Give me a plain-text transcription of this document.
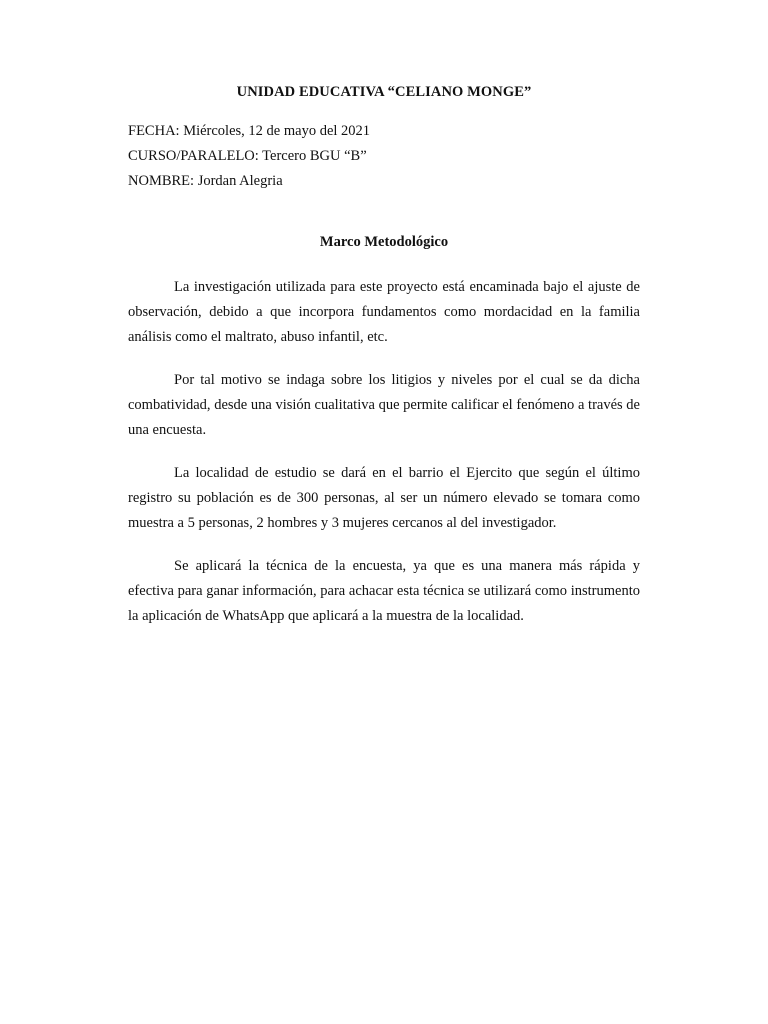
UNIDAD EDUCATIVA “CELIANO MONGE”
FECHA: Miércoles, 12 de mayo del 2021
CURSO/PARALELO: Tercero BGU “B”
NOMBRE: Jordan Alegria
Marco Metodológico

La investigación utilizada para este proyecto está encaminada bajo el ajuste de observación, debido a que incorpora fundamentos como mordacidad en la familia análisis como el maltrato, abuso infantil, etc.

Por tal motivo se indaga sobre los litigios y niveles por el cual se da dicha combatividad, desde una visión cualitativa que permite calificar el fenómeno a través de una encuesta.

La localidad de estudio se dará en el barrio el Ejercito que según el último registro su población es de 300 personas, al ser un número elevado se tomara como muestra a 5 personas, 2 hombres y 3 mujeres cercanos al del investigador.

Se aplicará la técnica de la encuesta, ya que es una manera más rápida y efectiva para ganar información, para achacar esta técnica se utilizará como instrumento la aplicación de WhatsApp que aplicará a la muestra de la localidad.
